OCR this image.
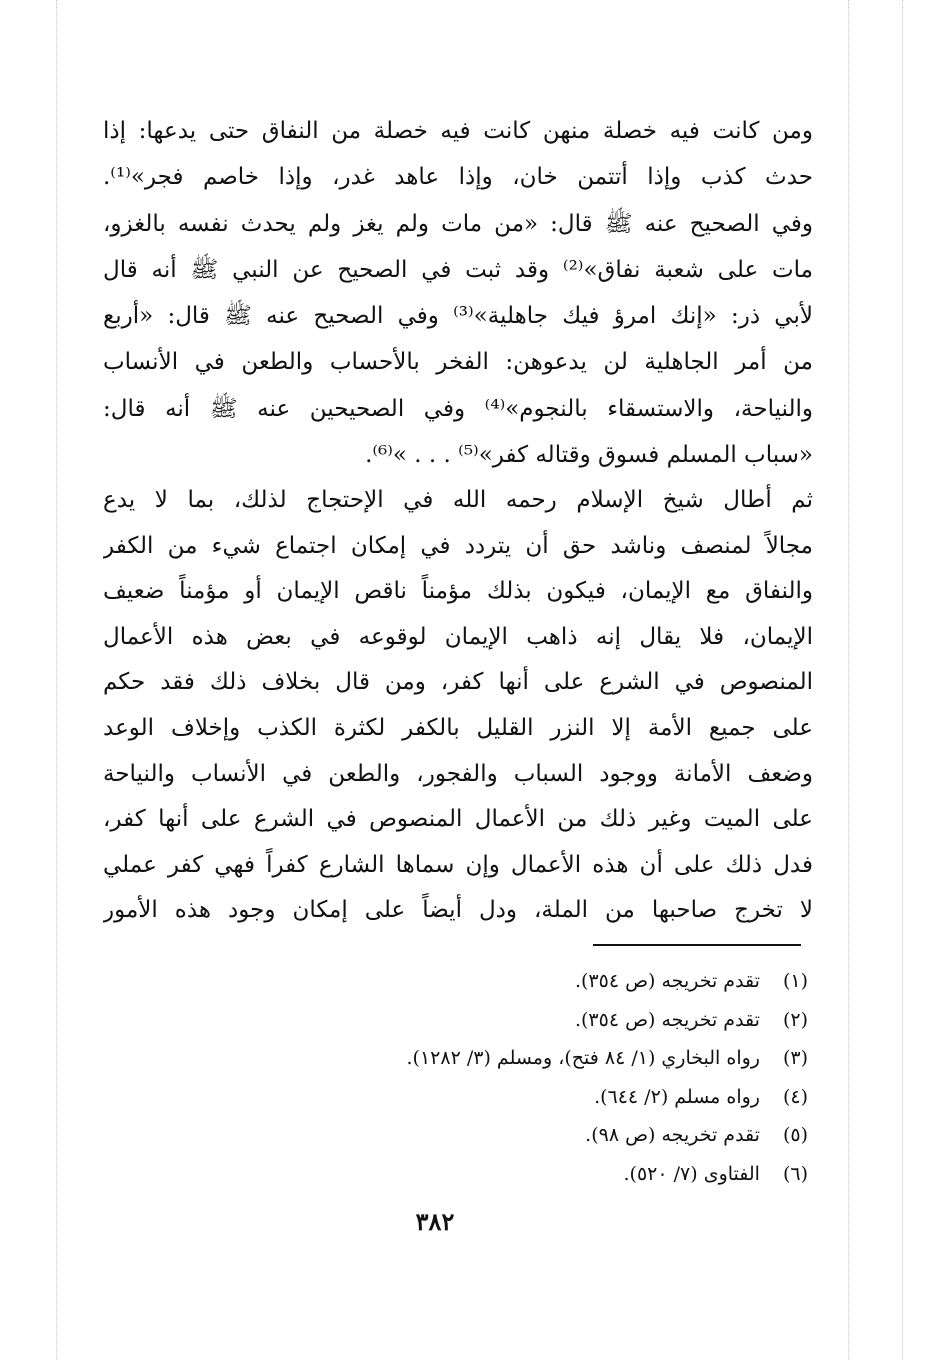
ومن كانت فيه خصلة منهن كانت فيه خصلة من النفاق حتى يدعها: إذا
حدث كذب وإذا أتتمن خان، وإذا عاهد غدر، وإذا خاصم فجر»⁽¹⁾.
وفي الصحيح عنه ﷺ قال: «من مات ولم يغز ولم يحدث نفسه بالغزو،
مات على شعبة نفاق»⁽²⁾ وقد ثبت في الصحيح عن النبي ﷺ أنه قال
لأبي ذر: «إنك امرؤ فيك جاهلية»⁽³⁾ وفي الصحيح عنه ﷺ قال: «أربع
من أمر الجاهلية لن يدعوهن: الفخر بالأحساب والطعن في الأنساب
والنياحة، والاستسقاء بالنجوم»⁽⁴⁾ وفي الصحيحين عنه ﷺ أنه قال:
«سباب المسلم فسوق وقتاله كفر»⁽⁵⁾ . . . »⁽⁶⁾.
ثم أطال شيخ الإسلام رحمه الله في الإحتجاج لذلك، بما لا يدع
مجالاً لمنصف وناشد حق أن يتردد في إمكان اجتماع شيء من الكفر
والنفاق مع الإيمان، فيكون بذلك مؤمناً ناقص الإيمان أو مؤمناً ضعيف
الإيمان، فلا يقال إنه ذاهب الإيمان لوقوعه في بعض هذه الأعمال
المنصوص في الشرع على أنها كفر، ومن قال بخلاف ذلك فقد حكم
على جميع الأمة إلا النزر القليل بالكفر لكثرة الكذب وإخلاف الوعد
وضعف الأمانة ووجود السباب والفجور، والطعن في الأنساب والنياحة
على الميت وغير ذلك من الأعمال المنصوص في الشرع على أنها كفر،
فدل ذلك على أن هذه الأعمال وإن سماها الشارع كفراً فهي كفر عملي
لا تخرج صاحبها من الملة، ودل أيضاً على إمكان وجود هذه الأمور
(١) تقدم تخريجه (ص ٣٥٤).
(٢) تقدم تخريجه (ص ٣٥٤).
(٣) رواه البخاري (١/ ٨٤ فتح)، ومسلم (٣/ ١٢٨٢).
(٤) رواه مسلم (٢/ ٦٤٤).
(٥) تقدم تخريجه (ص ٩٨).
(٦) الفتاوى (٧/ ٥٢٠).
٣٨٢
